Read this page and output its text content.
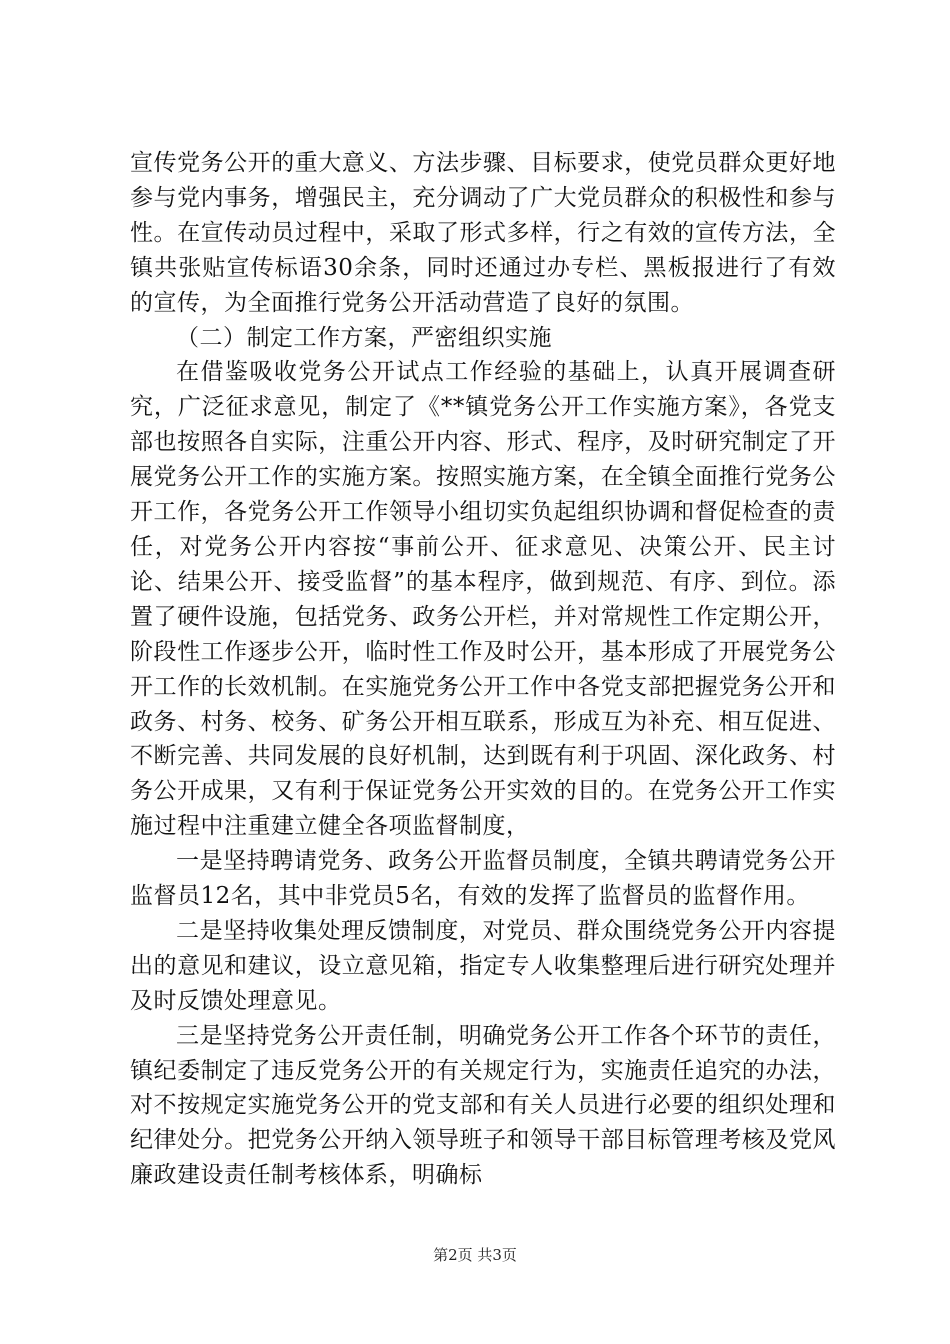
宣传党务公开的重大意义、方法步骤、目标要求，使党员群众更好地参与党内事务，增强民主，充分调动了广大党员群众的积极性和参与性。在宣传动员过程中，采取了形式多样，行之有效的宣传方法，全镇共张贴宣传标语30余条，同时还通过办专栏、黑板报进行了有效的宣传，为全面推行党务公开活动营造了良好的氛围。

（二）制定工作方案，严密组织实施

在借鉴吸收党务公开试点工作经验的基础上，认真开展调查研究，广泛征求意见，制定了《**镇党务公开工作实施方案》，各党支部也按照各自实际，注重公开内容、形式、程序，及时研究制定了开展党务公开工作的实施方案。按照实施方案，在全镇全面推行党务公开工作，各党务公开工作领导小组切实负起组织协调和督促检查的责任，对党务公开内容按“事前公开、征求意见、决策公开、民主讨论、结果公开、接受监督”的基本程序，做到规范、有序、到位。添置了硬件设施，包括党务、政务公开栏，并对常规性工作定期公开，阶段性工作逐步公开，临时性工作及时公开，基本形成了开展党务公开工作的长效机制。在实施党务公开工作中各党支部把握党务公开和政务、村务、校务、矿务公开相互联系，形成互为补充、相互促进、不断完善、共同发展的良好机制，达到既有利于巩固、深化政务、村务公开成果，又有利于保证党务公开实效的目的。在党务公开工作实施过程中注重建立健全各项监督制度，

一是坚持聘请党务、政务公开监督员制度，全镇共聘请党务公开监督员12名，其中非党员5名，有效的发挥了监督员的监督作用。

二是坚持收集处理反馈制度，对党员、群众围绕党务公开内容提出的意见和建议，设立意见箱，指定专人收集整理后进行研究处理并及时反馈处理意见。

三是坚持党务公开责任制，明确党务公开工作各个环节的责任，镇纪委制定了违反党务公开的有关规定行为，实施责任追究的办法，对不按规定实施党务公开的党支部和有关人员进行必要的组织处理和纪律处分。把党务公开纳入领导班子和领导干部目标管理考核及党风廉政建设责任制考核体系，明确标

第2页 共3页
